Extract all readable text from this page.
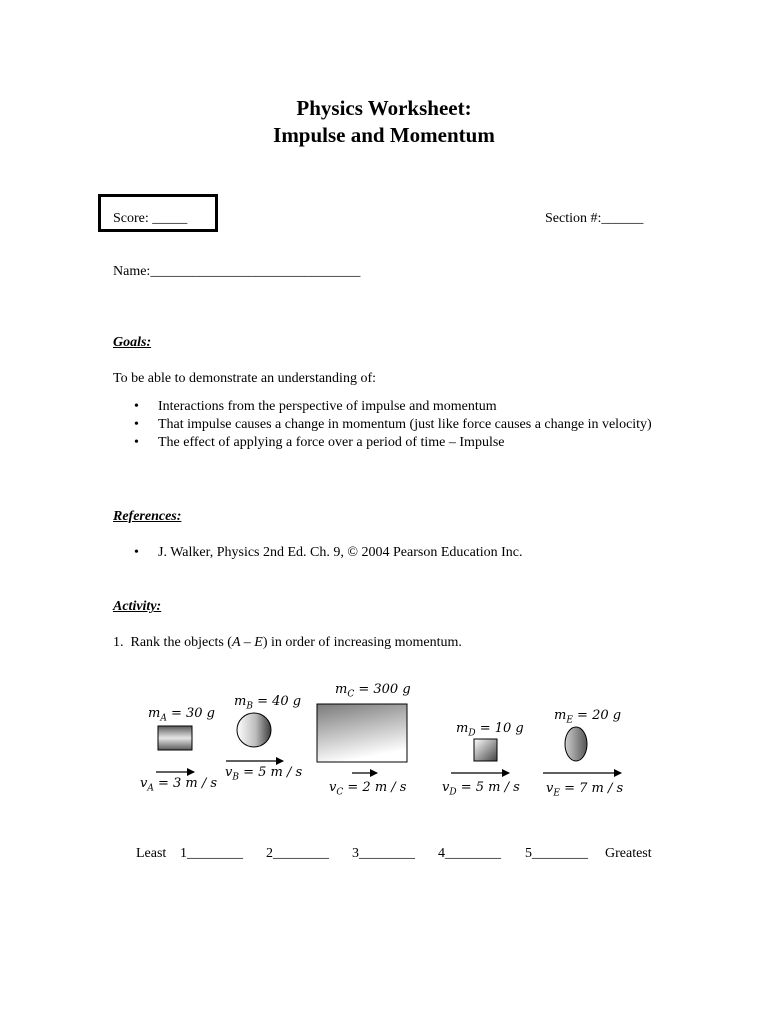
Physics Worksheet:
Impulse and Momentum
Score: _____	Section #:______
Name:______________________________
Goals:
To be able to demonstrate an understanding of:
• Interactions from the perspective of impulse and momentum
• That impulse causes a change in momentum (just like force causes a change in velocity)
• The effect of applying a force over a period of time – Impulse
References:
• J. Walker, Physics 2nd Ed. Ch. 9, © 2004 Pearson Education Inc.
Activity:
1. Rank the objects (A – E) in order of increasing momentum.
$m_A = 30$ g
$m_B = 40$ g
$m_C = 300$ g
$m_D = 10$ g
$m_E = 20$ g
$v_A = 3$ m / s
$v_B = 5$ m / s
$v_C = 2$ m / s	$v_D = 5$ m / s $v_E = 7$ m / s
Least 1________ 2________ 3________ 4________ 5________ Greatest
